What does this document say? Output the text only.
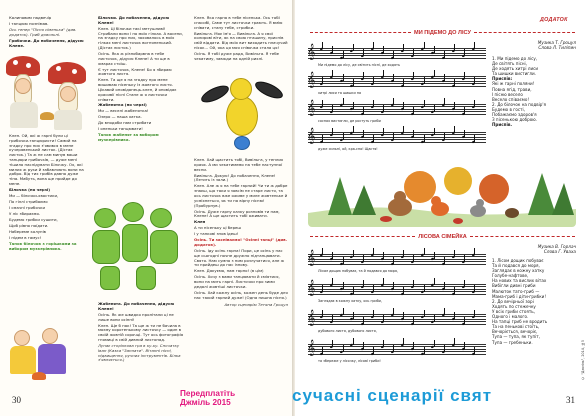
Калиновим надвечір

І танцюю познімав.

Ось тепер "Пісня сіменька" (див. додаток). Гриб довольні.

Грибочки. До побачення, дідусю Клене.

Клен. Ой, які ж гарні були ці грибочки-танцюристи! Самий на згадку про них з'явився в мене кучерявенький листок. (Дістає листок.) Та ж не сам минув ваши танцюри грибочків, — дуже мені тішило наслідувати Білочку. Ох, які милих ж руки й забавляють вони на добро. Від тих грибів давно дуже тіпа. Мабуть, вона ще прийде до мене.

Білочка (по черзі)

Ми — білочки-хвостики,

По гіллі стрибаємо

І смачні грибочки

У ліс збираємо.

Будемо грибки сушити,

Щоб рівно поїдати.

Набереме колупів

І підем в гамус!

Танок білочок з горішками за вибором музкерівника.

Білочки. До побачення, дідусю Клене!

Клен. Ці білочки такі метушливі! Стрибали вони і по моїх гілках. А восени, на згадку про них, заховалось в моїх гілках мені листочок вогняненький. (Дістає листок.)

Осінь. Яка ж різнобарвна в тебе листочок, дідусю Клене! А ти ще в хмарах стоїш.

Є тут листочок, Клене! Бо я збираю жовтого листя.

Клен. Та ще я на згадку про мене вишиваю пісеньку із жовтого листя. Цікавий оповіданець-клен, й оповідає красивії пісні Стане ж я листочки співати.

Жабенятка (по черзі)

Ми — веселі жабенятка!

Озеро — наша хатка.

До вподоби нам стрибати

І опеньки танцювати!

Танок жабенят за вибором музкерівника.

Жабенята. До побачення, дідусю Клене!

Осінь. Як же швидко пролітали ці не лише вони осінні!

Клен. Ще б пак! Та ще ж ти не бачила в моєму коротенькому листочку — один в своїй жовтій сорочці. Тут ось фотографія гномиці в свій дивний листопад.

Лунає сторінкова гра в ку-ку. Спочатку Іван (Казка "Заплати". Вітанні пісні, підвищення, ручних інструментів. Білка з'являється.)

Клен. Яка гарна в тебе пісенька. Ось тобі спасибі, Саме тут листочки грають. Я вмію співати, стану тебе, стрибки.

Вивільга. Моє ім'я — Вивільга. А я свої колирові віти, як на свою пташину, приспів свій віддати. Від моїх вит виходить плачучий пісок... Ой, яка ця моя співочка стала ця!

Осінь. Я тобі дуже рада, Вивільга. Я тебе чекатиму, завжди на одній рихлі.

Клен. Хай щастить тобі, Вивільга, у теплих краях. А ми чекатимемо на тебе наступної весни.

Вивільга. Дякую! До побачення, Клене! (Летить із зали.)

Клен. Але ж я на тебе гарний! Чи ти ж добре знаєш, що таки я зовсім не старе листя, та ось листочок вже оживе у миле жовтеньке й усміхнеться, як ти на вірну пісню! (Пробурнув.)

Осінь. Дуже гарну казку розповів ти нам, Клене! А ще щастить тобі оживати.

Клен

А ти пісеньку ці береш

І у танкові знов ідеш!

Осінь. Ти заспіваємо! "Осінні танці" (див. додаток).

Осінь. Іду осінь гарна! Пори, це осінь у нас ще сьогодні почне дружно підтанцювати. Свято. Нам сумно з ним розлучатися, але ж ти прийдеш до нас ізнову.

Клен. Дякуємо, нам гарно! (в цім)

Осінь. Хочу з вами танцювати й сміятися, вони на мить гарні. Листочки про зими дедалі жовтіші листочки.

Осінь. Хай кожну осінь, кожен день буде для нас такий гарний дуже! (Одна пишна пісня.)

Автор сценарію Тетяна Гроцул

ДОДАТОК
МИ ПІДЕМО ДО ЛІСУ
Музика Т. Гроцул
Слова Л. Тиліпин
𝄞
Ми підемо до лісу, де світить пісні, де ходять
𝄞
хитрі лиси та шишки на
𝄞
соснах вистигли, де ростуть гриби
𝄞
дуже сильні, ой, кра-сно! Щастя!
1. Ми підемо до лісу,
Де світять пісні,
Де ходять хитрі лиси
Та шишки вистигли.
Приспів:
Які ж гарні поляни!
Повна ягід, трави,
І пісню весело
Весело співаємо!
2. До білочок на подвір'я
Будемо в гості,
Побажаємо здоров'я
З пісенькою доброю.
Приспів.
ЛІСОВА СІМЕЙКА
Музика В. Горлач
Слова Г. Уваха
𝄞
Лісом дощик побуває, та й подався до моря,
𝄞
Заглядає в кожну хатку, ось гриби,
𝄞
дубового листя, дубового листя,
𝄞
та збереже у лісочку, лісові гриби!
1. Лісом дощик побуває
Та й подався до моря,
Заглядає в кожну хатку
Голубе-нафтове,
На нових та вислих вітах
Вибігли дивні гриби
Малюток тато-гриб —
Мама-гриб і діти-грибки!
2. До вечірньої зорі
Ходять по стежечку
У всіх гриби стоять,
Одного і малого.
На тапці гриб не вродить
Та на пенькові стоїть,
Вечоріється, вечоріє,
Тупа — тупа, як тупіт,
Тупа — гребеньки.	© "Джміль", 2014, №5
30	31
Передплатіть
Джміль 2015	сучасні сценарії свят
